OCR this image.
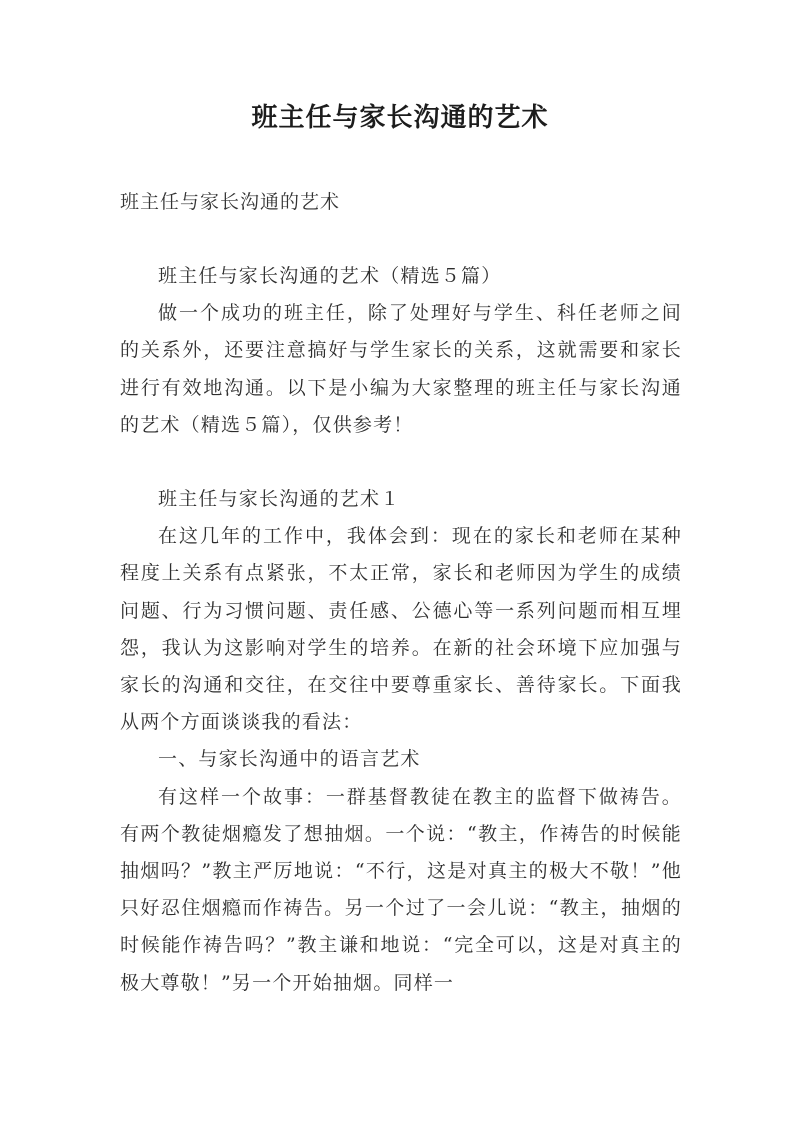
班主任与家长沟通的艺术
班主任与家长沟通的艺术

班主任与家长沟通的艺术（精选５篇）

做一个成功的班主任，除了处理好与学生、科任老师之间的关系外，还要注意搞好与学生家长的关系，这就需要和家长进行有效地沟通。以下是小编为大家整理的班主任与家长沟通的艺术（精选５篇），仅供参考！

班主任与家长沟通的艺术１

在这几年的工作中，我体会到：现在的家长和老师在某种程度上关系有点紧张，不太正常，家长和老师因为学生的成绩问题、行为习惯问题、责任感、公德心等一系列问题而相互埋怨，我认为这影响对学生的培养。在新的社会环境下应加强与家长的沟通和交往，在交往中要尊重家长、善待家长。下面我从两个方面谈谈我的看法：

一、与家长沟通中的语言艺术

有这样一个故事：一群基督教徒在教主的监督下做祷告。有两个教徒烟瘾发了想抽烟。一个说：“教主，作祷告的时候能抽烟吗？”教主严厉地说：“不行，这是对真主的极大不敬！”他只好忍住烟瘾而作祷告。另一个过了一会儿说：“教主，抽烟的时候能作祷告吗？”教主谦和地说：“完全可以，这是对真主的极大尊敬！”另一个开始抽烟。同样一
